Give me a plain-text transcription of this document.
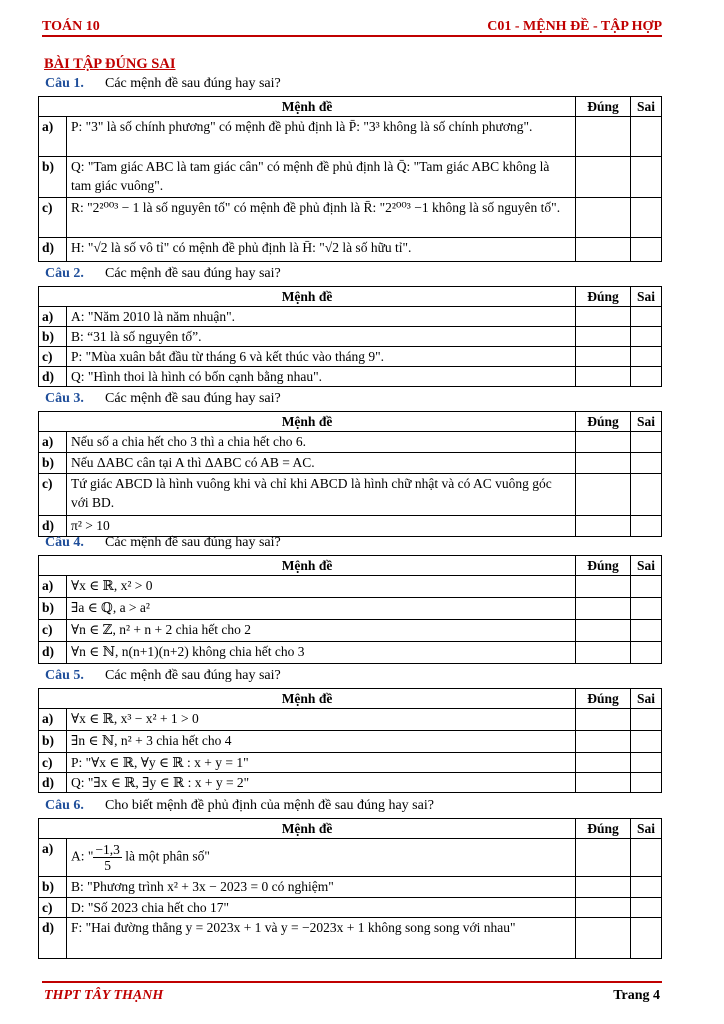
TOÁN 10	C01 - MỆNH ĐỀ - TẬP HỢP
BÀI TẬP ĐÚNG SAI
Câu 1. Các mệnh đề sau đúng hay sai?
Mệnh đề		Đúng	Sai
a)	P: "3" là số chính phương" có mệnh đề phủ định là P̄: "3³ không là số chính phương".		
b)	Q: "Tam giác ABC là tam giác cân" có mệnh đề phủ định là Q̄: "Tam giác ABC không là tam giác vuông".		
c)	R: "2²⁰⁰³ − 1 là số nguyên tố" có mệnh đề phủ định là R̄: "2²⁰⁰³ −1 không là số nguyên tố".		
d)	H: "√2 là số vô tỉ" có mệnh đề phủ định là H̄: "√2 là số hữu tỉ".		
Câu 2. Các mệnh đề sau đúng hay sai?
Mệnh đề		Đúng	Sai
a)	A: "Năm 2010 là năm nhuận".		
b)	B: “31 là số nguyên tố”.		
c)	P: "Mùa xuân bắt đầu từ tháng 6 và kết thúc vào tháng 9".		
d)	Q: "Hình thoi là hình có bốn cạnh bằng nhau".		
Câu 3. Các mệnh đề sau đúng hay sai?
Mệnh đề		Đúng	Sai
a)	Nếu số a chia hết cho 3 thì a chia hết cho 6.		
b)	Nếu ΔABC cân tại A thì ΔABC có AB = AC.		
c)	Tứ giác ABCD là hình vuông khi và chỉ khi ABCD là hình chữ nhật và có AC vuông góc với BD.		
d)	π² > 10		
Câu 4. Các mệnh đề sau đúng hay sai?
Mệnh đề		Đúng	Sai
a)	∀x ∈ ℝ, x² > 0		
b)	∃a ∈ ℚ, a > a²		
c)	∀n ∈ ℤ, n² + n + 2 chia hết cho 2		
d)	∀n ∈ ℕ, n(n+1)(n+2) không chia hết cho 3		
Câu 5. Các mệnh đề sau đúng hay sai?
Mệnh đề		Đúng	Sai
a)	∀x ∈ ℝ, x³ − x² + 1 > 0		
b)	∃n ∈ ℕ, n² + 3 chia hết cho 4		
c)	P: "∀x ∈ ℝ, ∀y ∈ ℝ : x + y = 1"		
d)	Q: "∃x ∈ ℝ, ∃y ∈ ℝ : x + y = 2"		
Câu 6. Cho biết mệnh đề phủ định của mệnh đề sau đúng hay sai?
Mệnh đề		Đúng	Sai
a)	A: " $\frac{-1,3}{5}$ là một phân số"		
b)	B: "Phương trình x² + 3x − 2023 = 0 có nghiệm"		
c)	D: "Số 2023 chia hết cho 17"		
d)	F: "Hai đường thẳng y = 2023x + 1 và y = −2023x + 1 không song song với nhau"		
THPT TÂY THẠNH	Trang 4
